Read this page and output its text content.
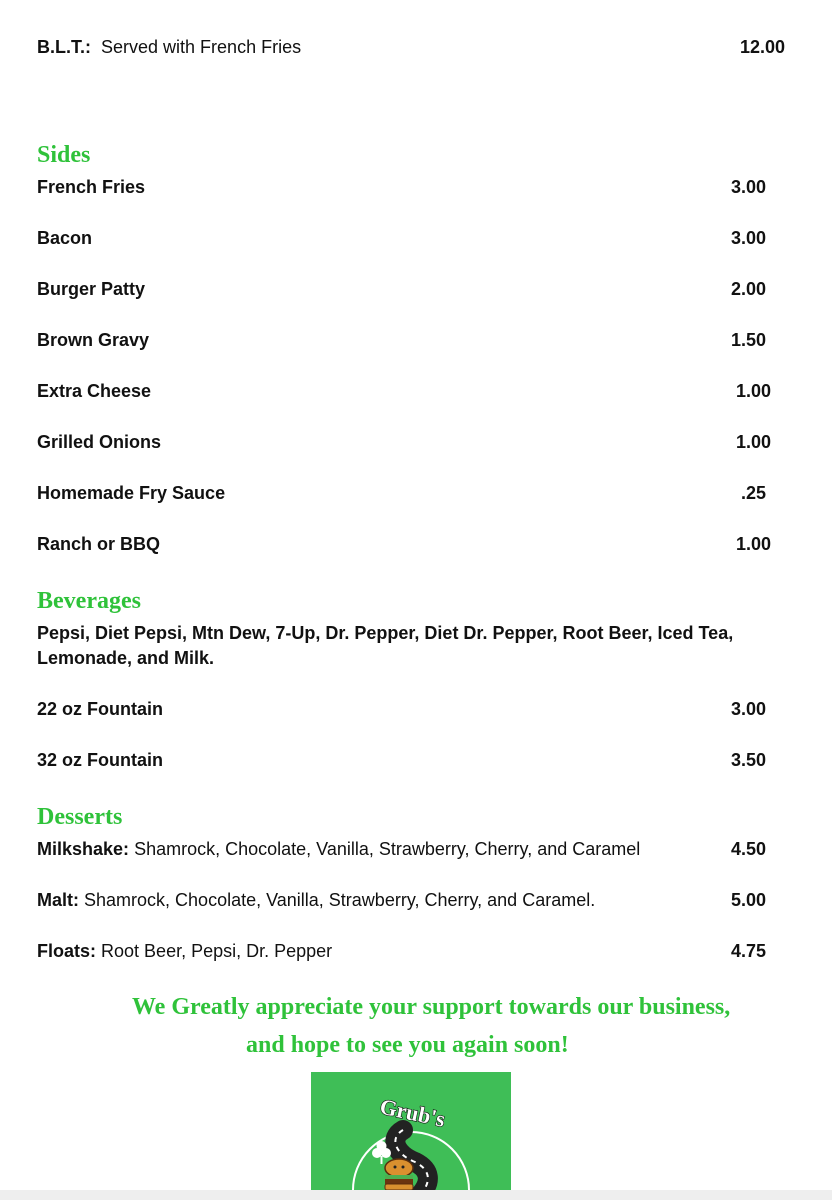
B.L.T.: Served with French Fries	12.00
Sides
French Fries	3.00
Bacon	3.00
Burger Patty	2.00
Brown Gravy	1.50
Extra Cheese	1.00
Grilled Onions	1.00
Homemade Fry Sauce	.25
Ranch or BBQ	1.00
Beverages
Pepsi, Diet Pepsi, Mtn Dew, 7-Up, Dr. Pepper, Diet Dr. Pepper, Root Beer, Iced Tea, Lemonade, and Milk.
22 oz Fountain	3.00
32 oz Fountain	3.50
Desserts
Milkshake: Shamrock, Chocolate, Vanilla, Strawberry, Cherry, and Caramel	4.50
Malt: Shamrock, Chocolate, Vanilla, Strawberry, Cherry, and Caramel.	5.00
Floats: Root Beer, Pepsi, Dr. Pepper	4.75
We Greatly appreciate your support towards our business,
and hope to see you again soon!
Grub's
